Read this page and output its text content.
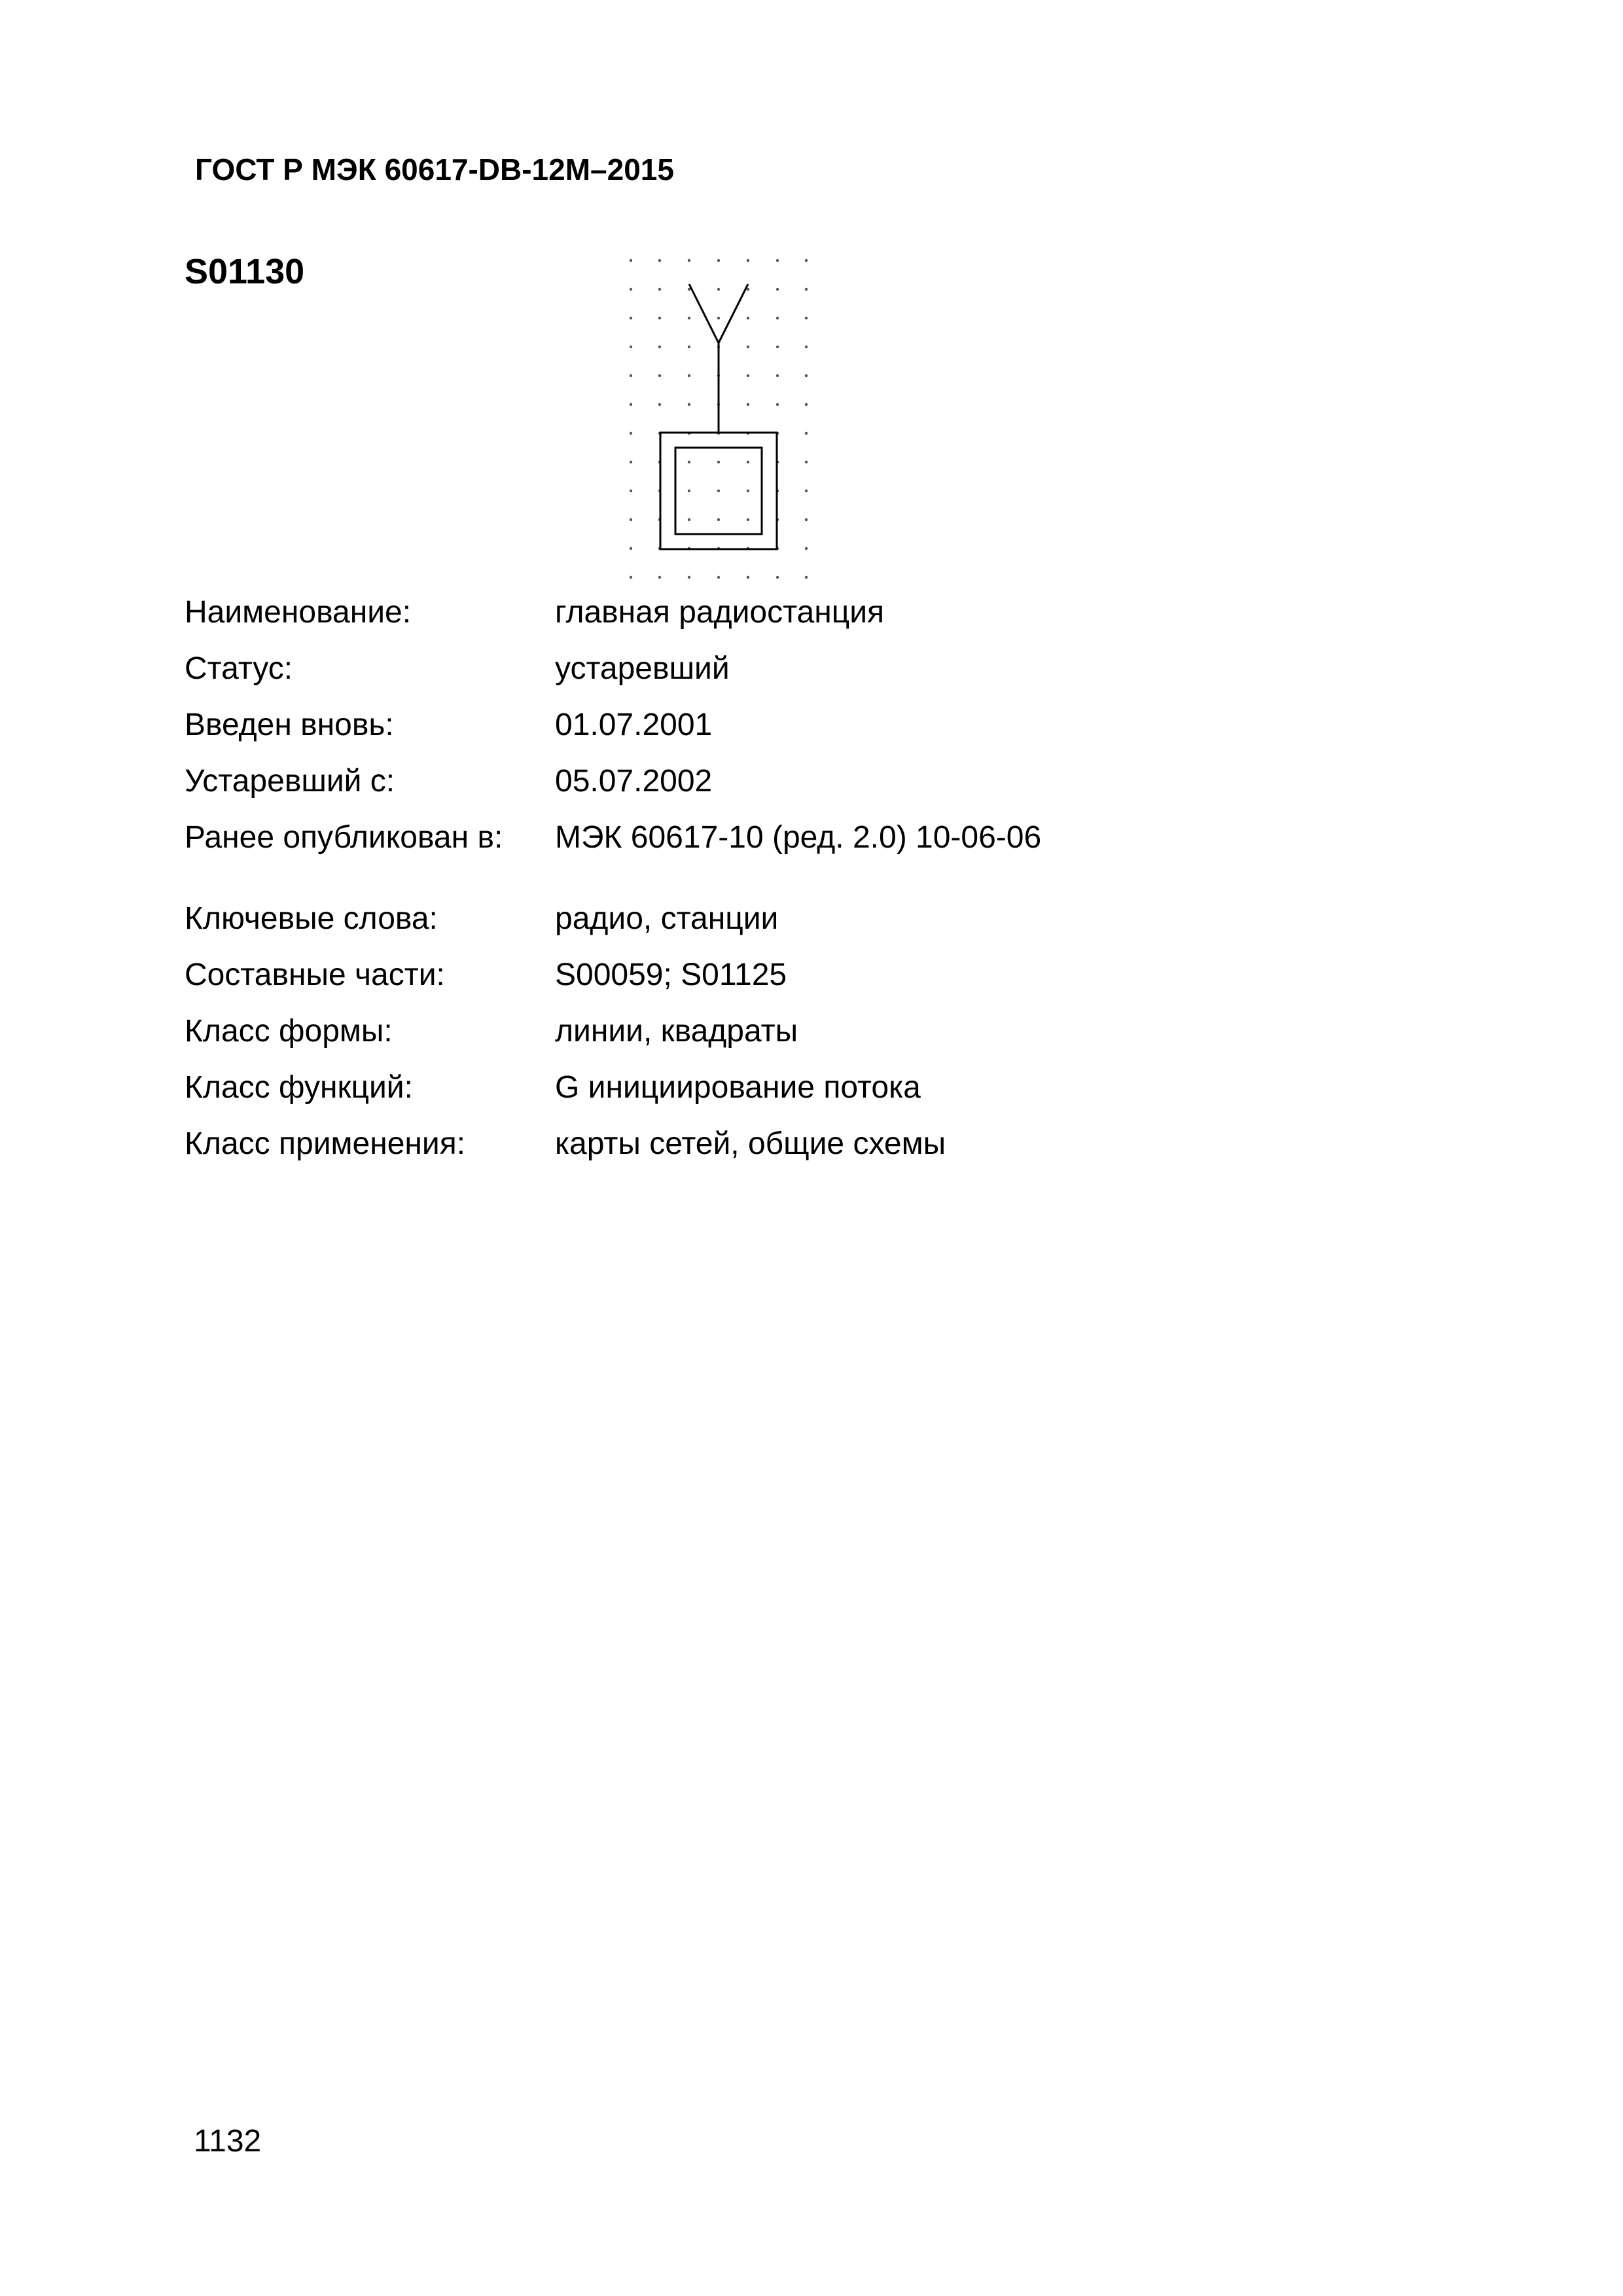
ГОСТ Р МЭК 60617-DB-12M–2015
S01130
Наименование:	главная радиостанция
Статус:	устаревший
Введен вновь:	01.07.2001
Устаревший с:	05.07.2002
Ранее опубликован в: МЭК 60617-10 (ред. 2.0) 10-06-06
Ключевые слова:	радио, станции
Составные части:	S00059; S01125
Класс формы:	линии, квадраты
Класс функций:	G инициирование потока
Класс применения:	карты сетей, общие схемы
1132
